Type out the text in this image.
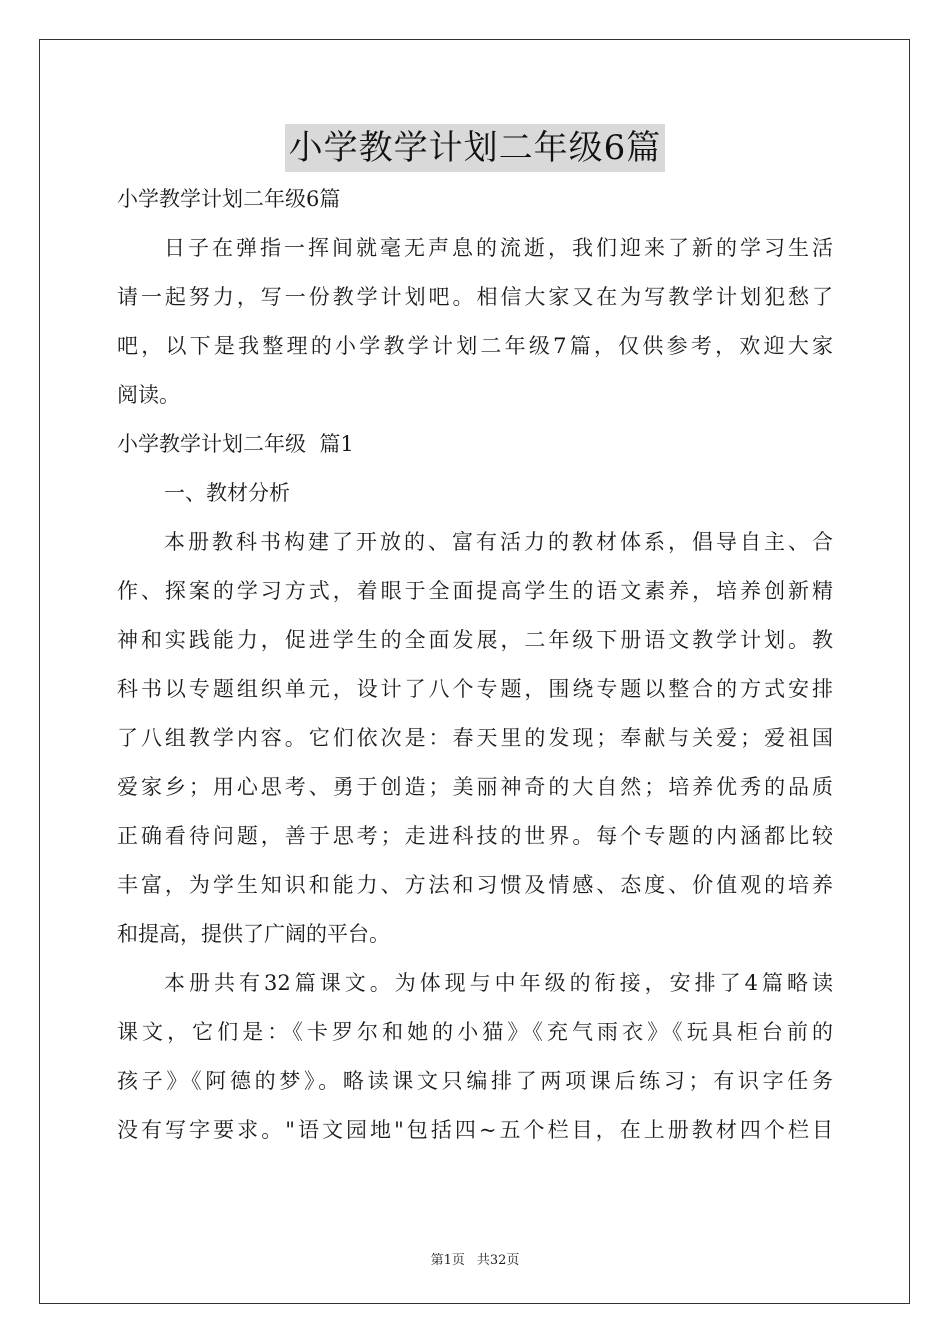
小学教学计划二年级6篇
小学教学计划二年级6篇
日子在弹指一挥间就毫无声息的流逝，我们迎来了新的学习生活
请一起努力，写一份教学计划吧。相信大家又在为写教学计划犯愁了
吧，以下是我整理的小学教学计划二年级7篇，仅供参考，欢迎大家
阅读。
小学教学计划二年级  篇1
一、教材分析
本册教科书构建了开放的、富有活力的教材体系，倡导自主、合
作、探案的学习方式，着眼于全面提高学生的语文素养，培养创新精
神和实践能力，促进学生的全面发展，二年级下册语文教学计划。教
科书以专题组织单元，设计了八个专题，围绕专题以整合的方式安排
了八组教学内容。它们依次是：春天里的发现；奉献与关爱；爱祖国
爱家乡；用心思考、勇于创造；美丽神奇的大自然；培养优秀的品质
正确看待问题，善于思考；走进科技的世界。每个专题的内涵都比较
丰富，为学生知识和能力、方法和习惯及情感、态度、价值观的培养
和提高，提供了广阔的平台。
本册共有32篇课文。为体现与中年级的衔接，安排了4篇略读
课文，它们是：《卡罗尔和她的小猫》《充气雨衣》《玩具柜台前的
孩子》《阿德的梦》。略读课文只编排了两项课后练习；有识字任务
没有写字要求。"语文园地"包括四~五个栏目，在上册教材四个栏目
第1页 共32页
